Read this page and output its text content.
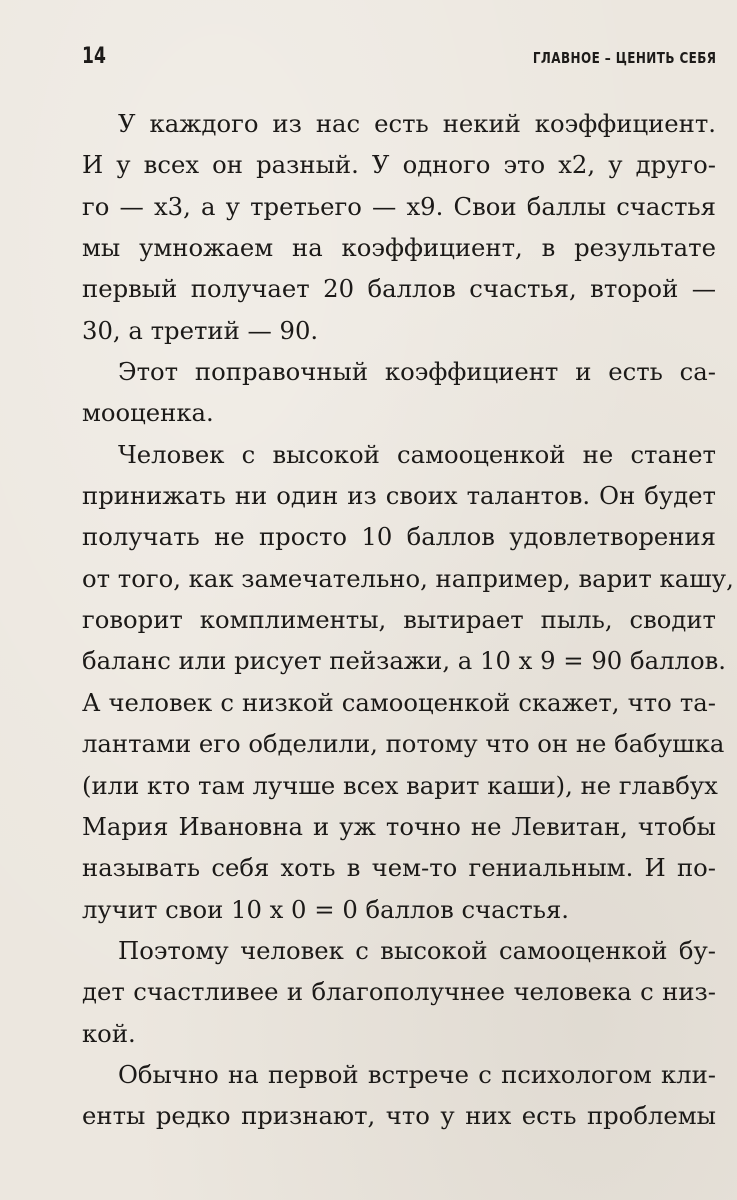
14	ГЛАВНОЕ – ЦЕНИТЬ СЕБЯ
У каждого из нас есть некий коэффициент.
И у всех он разный. У одного это х2, у друго-
го — х3, а у третьего — х9. Свои баллы счастья
мы умножаем на коэффициент, в результате
первый получает 20 баллов счастья, второй —
30, а третий — 90.
Этот поправочный коэффициент и есть са-
мооценка.
Человек с высокой самооценкой не станет
принижать ни один из своих талантов. Он будет
получать не просто 10 баллов удовлетворения
от того, как замечательно, например, варит кашу,
говорит комплименты, вытирает пыль, сводит
баланс или рисует пейзажи, а 10 х 9 = 90 баллов.
А человек с низкой самооценкой скажет, что та-
лантами его обделили, потому что он не бабушка
(или кто там лучше всех варит каши), не главбух
Мария Ивановна и уж точно не Левитан, чтобы
называть себя хоть в чем-то гениальным. И по-
лучит свои 10 х 0 = 0 баллов счастья.
Поэтому человек с высокой самооценкой бу-
дет счастливее и благополучнее человека с низ-
кой.
Обычно на первой встрече с психологом кли-
енты редко признают, что у них есть проблемы
